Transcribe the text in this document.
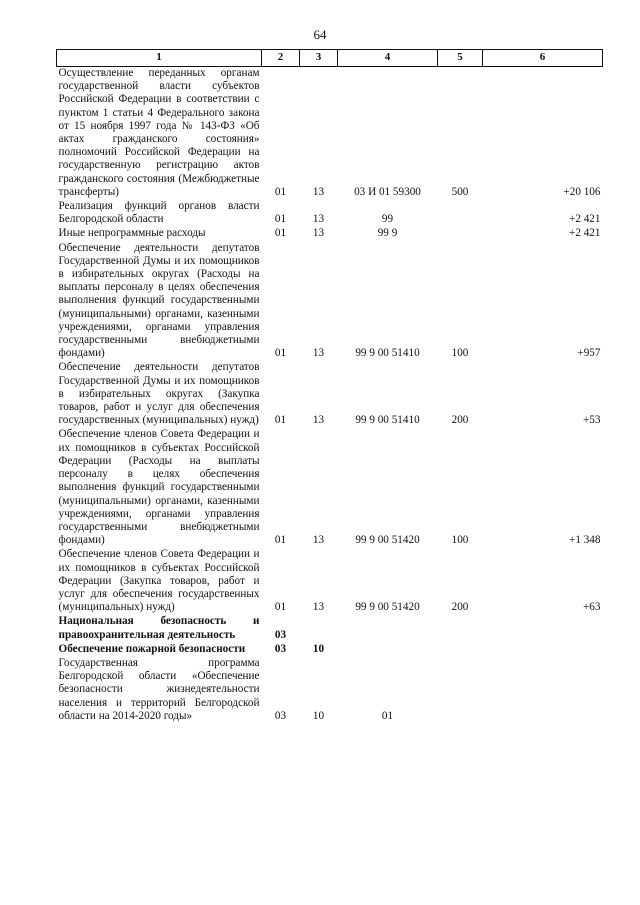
64
1	2	3	4	5	6
Осуществление переданных органам государственной власти субъектов Российской Федерации в соответствии с пунктом 1 статьи 4 Федерального закона от 15 ноября 1997 года № 143-ФЗ «Об актах гражданского состояния» полномочий Российской Федерации на государственную регистрацию актов гражданского состояния (Межбюджетные трансферты)	01	13	03 И 01 59300	500	+20 106
Реализация функций органов власти Белгородской области	01	13	99		+2 421
Иные непрограммные расходы	01	13	99 9		+2 421
Обеспечение деятельности депутатов Государственной Думы и их помощников в избирательных округах (Расходы на выплаты персоналу в целях обеспечения выполнения функций государственными (муниципальными) органами, казенными учреждениями, органами управления государственными внебюджетными фондами)	01	13	99 9 00 51410	100	+957
Обеспечение деятельности депутатов Государственной Думы и их помощников в избирательных округах (Закупка товаров, работ и услуг для обеспечения государственных (муниципальных) нужд)	01	13	99 9 00 51410	200	+53
Обеспечение членов Совета Федерации и их помощников в субъектах Российской Федерации (Расходы на выплаты персоналу в целях обеспечения выполнения функций государственными (муниципальными) органами, казенными учреждениями, органами управления государственными внебюджетными фондами)	01	13	99 9 00 51420	100	+1 348
Обеспечение членов Совета Федерации и их помощников в субъектах Российской Федерации (Закупка товаров, работ и услуг для обеспечения государственных (муниципальных) нужд)	01	13	99 9 00 51420	200	+63
Национальная безопасность и правоохранительная деятельность	03				
Обеспечение пожарной безопасности	03	10			
Государственная программа Белгородской области «Обеспечение безопасности жизнедеятельности населения и территорий Белгородской области на 2014-2020 годы»	03	10	01		
